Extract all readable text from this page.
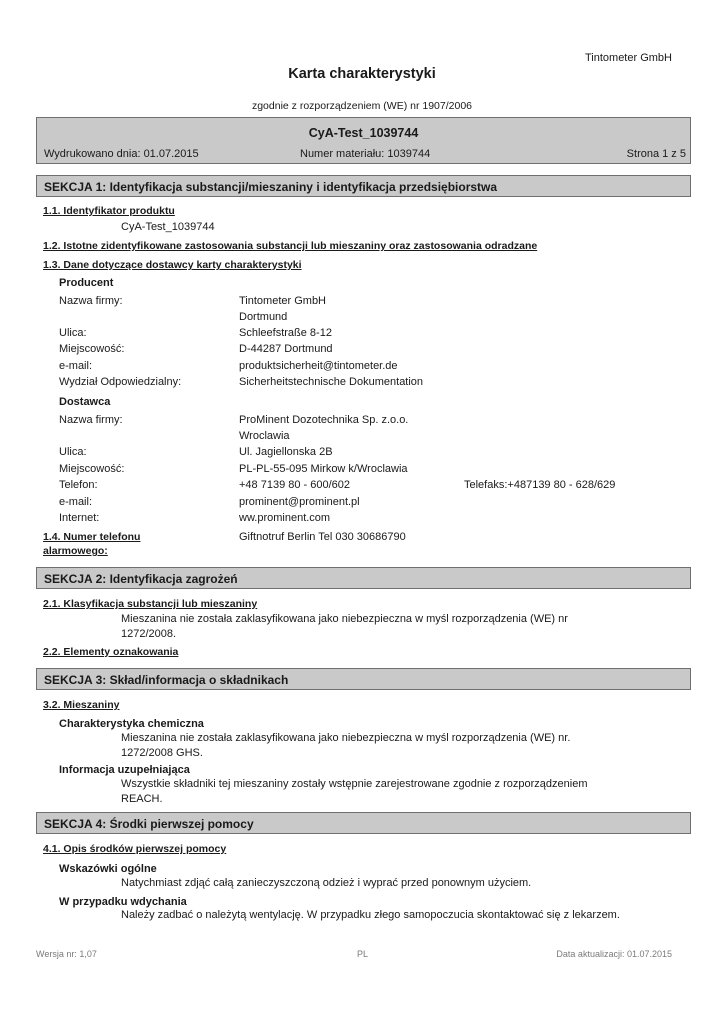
Tintometer GmbH
Karta charakterystyki
zgodnie z rozporządzeniem (WE) nr 1907/2006
CyA-Test_1039744
Wydrukowano dnia: 01.07.2015	Numer materiału: 1039744	Strona 1 z 5
SEKCJA 1: Identyfikacja substancji/mieszaniny i identyfikacja przedsiębiorstwa
1.1. Identyfikator produktu
CyA-Test_1039744
1.2. Istotne zidentyfikowane zastosowania substancji lub mieszaniny oraz zastosowania odradzane
1.3. Dane dotyczące dostawcy karty charakterystyki
Producent
Nazwa firmy:	Tintometer GmbH
Dortmund
Ulica:	Schleefstraße 8-12
Miejscowość:	D-44287 Dortmund
e-mail:	produktsicherheit@tintometer.de
Wydział Odpowiedzialny:	Sicherheitstechnische Dokumentation
Dostawca
Nazwa firmy:	ProMinent Dozotechnika Sp. z.o.o.
Wroclawia
Ulica:	Ul. Jagiellonska 2B
Miejscowość:	PL-PL-55-095 Mirkow k/Wroclawia
Telefon:	+48 7139 80 - 600/602	Telefaks:+487139 80 - 628/629
e-mail:	prominent@prominent.pl
Internet:	ww.prominent.com
1.4. Numer telefonu
alarmowego:
Giftnotruf Berlin Tel 030 30686790
SEKCJA 2: Identyfikacja zagrożeń
2.1. Klasyfikacja substancji lub mieszaniny
Mieszanina nie została zaklasyfikowana jako niebezpieczna w myśl rozporządzenia (WE) nr 1272/2008.
2.2. Elementy oznakowania
SEKCJA 3: Skład/informacja o składnikach
3.2. Mieszaniny
Charakterystyka chemiczna
Mieszanina nie została zaklasyfikowana jako niebezpieczna w myśl rozporządzenia (WE) nr. 1272/2008 GHS.
Informacja uzupełniająca
Wszystkie składniki tej mieszaniny zostały wstępnie zarejestrowane zgodnie z rozporządzeniem REACH.
SEKCJA 4: Środki pierwszej pomocy
4.1. Opis środków pierwszej pomocy
Wskazówki ogólne
Natychmiast zdjąć całą zanieczyszczoną odzież i wyprać przed ponownym użyciem.
W przypadku wdychania
Należy zadbać o należytą wentylację. W przypadku złego samopoczucia skontaktować się z lekarzem.
Wersja nr: 1,07	PL	Data aktualizacji: 01.07.2015
